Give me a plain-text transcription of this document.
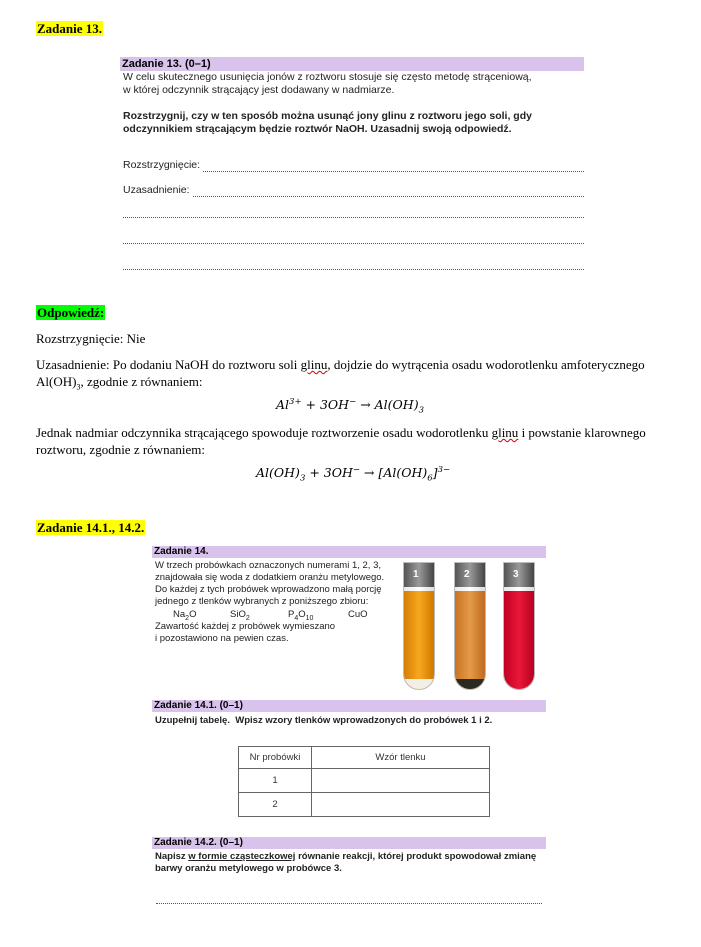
Zadanie 13.
Zadanie 13. (0–1)
W celu skutecznego usunięcia jonów z roztworu stosuje się często metodę strąceniową,
w której odczynnik strącający jest dodawany w nadmiarze.
Rozstrzygnij, czy w ten sposób można usunąć jony glinu z roztworu jego soli, gdy
odczynnikiem strącającym będzie roztwór NaOH. Uzasadnij swoją odpowiedź.
Rozstrzygnięcie:
Uzasadnienie:
Odpowiedź:
Rozstrzygnięcie: Nie
Uzasadnienie: Po dodaniu NaOH do roztworu soli glinu, dojdzie do wytrącenia osadu wodorotlenku amfoterycznego
$Al(OH)_3$, zgodnie z równaniem:
$Al^{3+} + 3OH^- \to Al(OH)_3$
Jednak nadmiar odczynnika strącającego spowoduje roztworzenie osadu wodorotlenku glinu i powstanie klarownego
roztworu, zgodnie z równaniem:
$Al(OH)_3 + 3OH^- \to [Al(OH)_6]^{3-}$
Zadanie 14.1., 14.2.
Zadanie 14.
W trzech probówkach oznaczonych numerami 1, 2, 3,
znajdowała się woda z dodatkiem oranżu metylowego.
Do każdej z tych probówek wprowadzono małą porcję
jednego z tlenków wybranych z poniższego zbioru:
$Na_2O$	SiO$_2$	$P_4O_{10}$	CuO
Zawartość każdej z probówek wymieszano
i pozostawiono na pewien czas.
1	2	3
Zadanie 14.1. (0–1)
Uzupełnij tabelę. Wpisz wzory tlenków wprowadzonych do probówek 1 i 2.
Nr probówki	Wzór tlenku
1	
2	
Zadanie 14.2. (0–1)
Napisz w formie cząsteczkowej równanie reakcji, której produkt spowodował zmianę
barwy oranżu metylowego w probówce 3.
